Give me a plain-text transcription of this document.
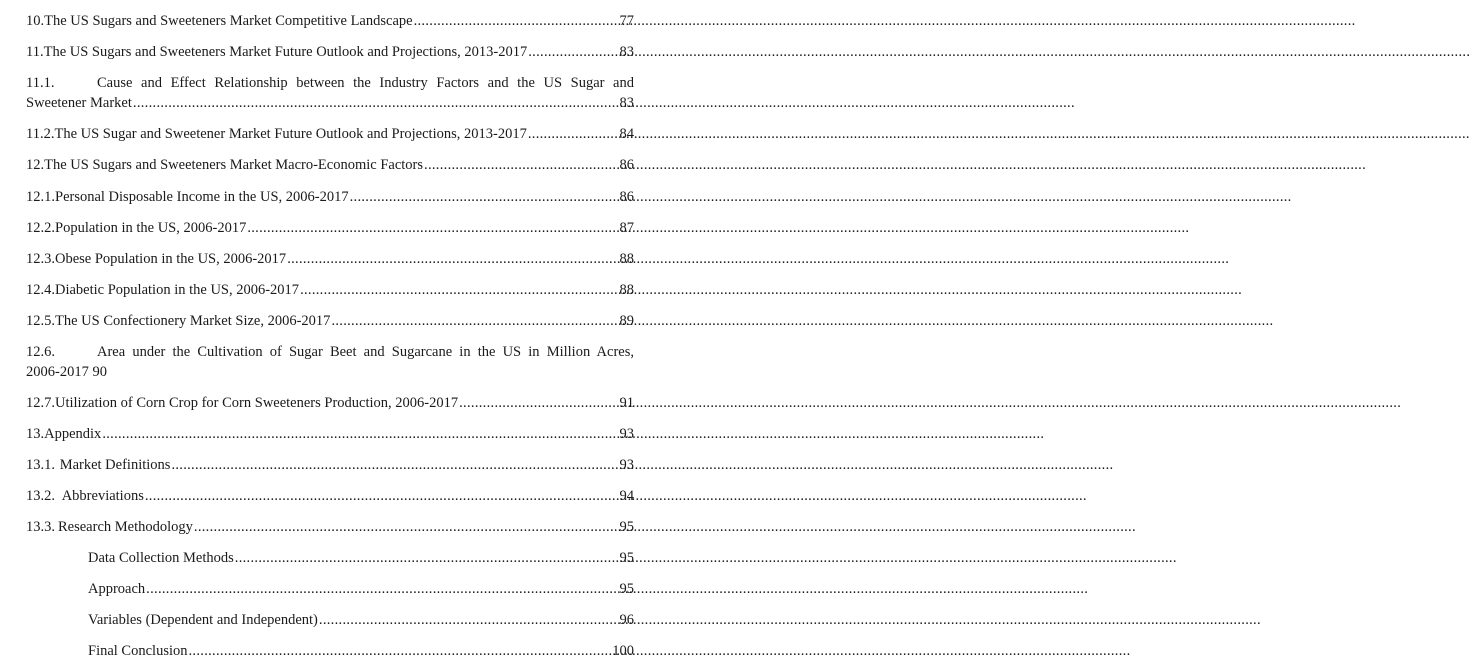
10. The US Sugars and Sweeteners Market Competitive Landscape .....	77
11. The US Sugars and Sweeteners Market Future Outlook and Projections, 2013-2017 .....	83
11.1.	Cause and Effect Relationship between the Industry Factors and the US Sugar and
Sweetener Market .....	83
11.2. The US Sugar and Sweetener Market Future Outlook and Projections, 2013-2017 .....	84
12. The US Sugars and Sweeteners Market Macro-Economic Factors .....	86
12.1. Personal Disposable Income in the US, 2006-2017 .....	86
12.2. Population in the US, 2006-2017 .....	87
12.3. Obese Population in the US, 2006-2017 .....	88
12.4. Diabetic Population in the US, 2006-2017 .....	88
12.5. The US Confectionery Market Size, 2006-2017 .....	89
12.6.	Area under the Cultivation of Sugar Beet and Sugarcane in the US in Million Acres,
2006-2017 90
12.7. Utilization of Corn Crop for Corn Sweeteners Production, 2006-2017 .....	91
13. Appendix .....	93
13.1. Market Definitions .....	93
13.2. Abbreviations .....	94
13.3. Research Methodology .....	95
Data Collection Methods .....	95
Approach .....	95
Variables (Dependent and Independent) .....	96
Final Conclusion .....	100
